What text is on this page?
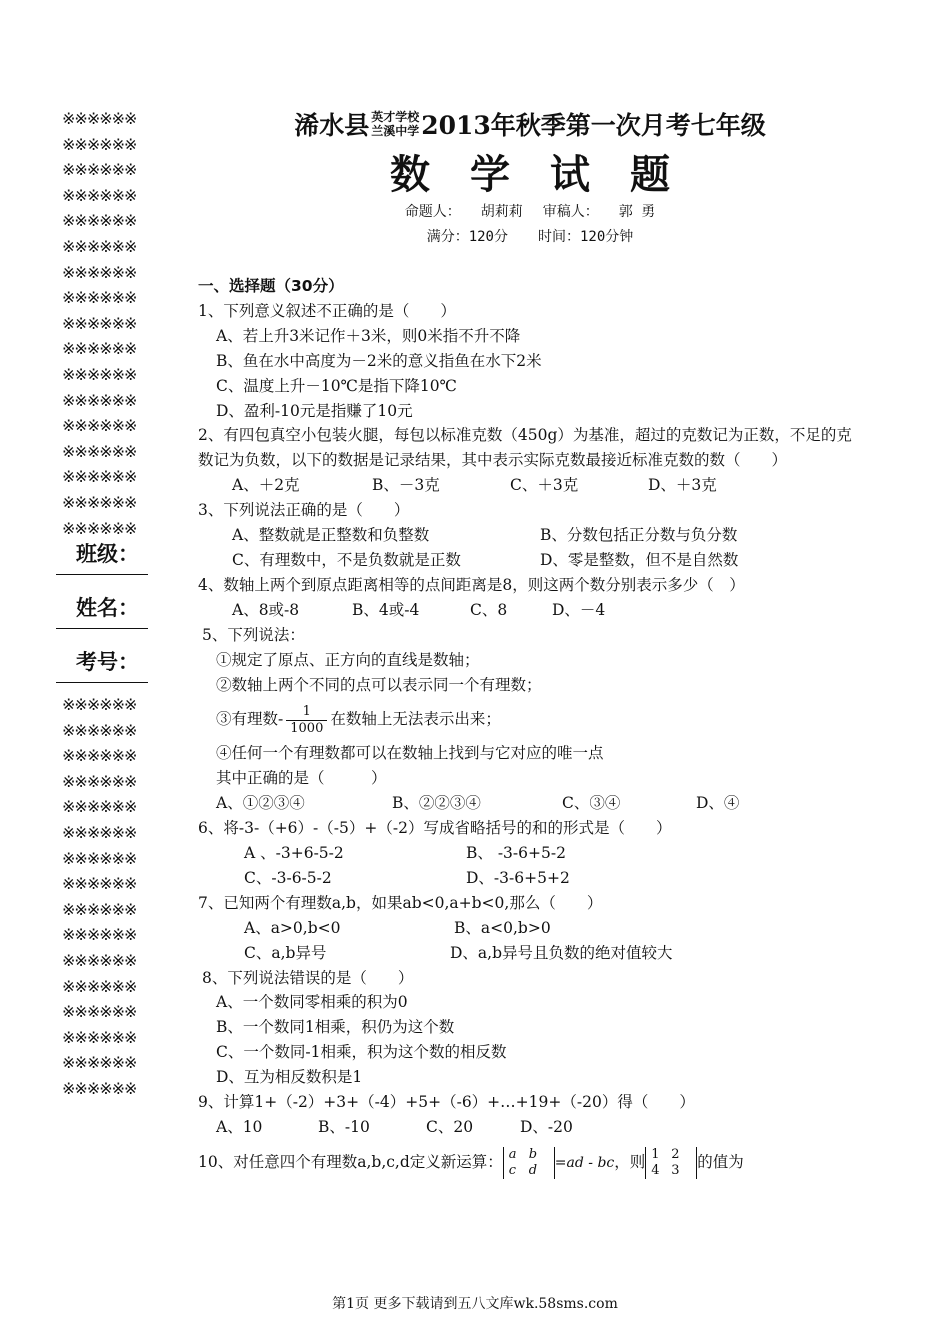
※※※※※※
※※※※※※
※※※※※※
※※※※※※
※※※※※※
※※※※※※
※※※※※※
※※※※※※
※※※※※※
※※※※※※
※※※※※※
※※※※※※
※※※※※※
※※※※※※
※※※※※※
※※※※※※
※※※※※※
班级：
姓名：
考号：
※※※※※※
※※※※※※
※※※※※※
※※※※※※
※※※※※※
※※※※※※
※※※※※※
※※※※※※
※※※※※※
※※※※※※
※※※※※※
※※※※※※
※※※※※※
※※※※※※
※※※※※※
※※※※※※
浠水县 英才学校
兰溪中学 2013年秋季第一次月考七年级
数学试题
命题人： 胡莉莉 审稿人： 郭 勇
满分：120分 时间：120分钟
一、选择题（30分）
1、下列意义叙述不正确的是（　　）
A、若上升3米记作＋3米，则0米指不升不降
B、鱼在水中高度为－2米的意义指鱼在水下2米
C、温度上升－10℃是指下降10℃
D、盈利-10元是指赚了10元
2、有四包真空小包装火腿，每包以标准克数（450g）为基准，超过的克数记为正数，不足的克数记为负数，以下的数据是记录结果，其中表示实际克数最接近标准克数的数（　　）
A、＋2克	B、－3克	C、＋3克	D、＋3克
3、下列说法正确的是（　　）
A、整数就是正整数和负整数	B、分数包括正分数与负分数
C、有理数中，不是负数就是正数	D、零是整数，但不是自然数
4、数轴上两个到原点距离相等的点间距离是8，则这两个数分别表示多少（　）
A、8或-8	B、4或-4	C、8	D、－4
5、下列说法：
①规定了原点、正方向的直线是数轴；
②数轴上两个不同的点可以表示同一个有理数；
③有理数- $\frac{1}{1000}$ 在数轴上无法表示出来；
④任何一个有理数都可以在数轴上找到与它对应的唯一点
其中正确的是（　　　）
A、①②③④	B、②②③④	C、③④	D、④
6、将-3-（+6）-（-5）+（-2）写成省略括号的和的形式是（　　）
A 、-3+6-5-2	B、 -3-6+5-2
C、-3-6-5-2	D、-3-6+5+2
7、已知两个有理数a,b，如果ab<0,a+b<0,那么（　　）
A、a>0,b<0	B、a<0,b>0
C、a,b异号	D、a,b异号且负数的绝对值较大
8、下列说法错误的是（　　）
A、一个数同零相乘的积为0
B、一个数同1相乘，积仍为这个数
C、一个数同-1相乘，积为这个数的相反数
D、互为相反数积是1
9、计算1+（-2）+3+（-4）+5+（-6）+…+19+（-20）得（　　）
A、10	B、-10	C、20	D、-20
10、对任意四个有理数a,b,c,d定义新运算： a b
c d	=ad - bc，则 1 2
4 3	的值为
第1页 更多下载请到五八文库wk.58sms.com
